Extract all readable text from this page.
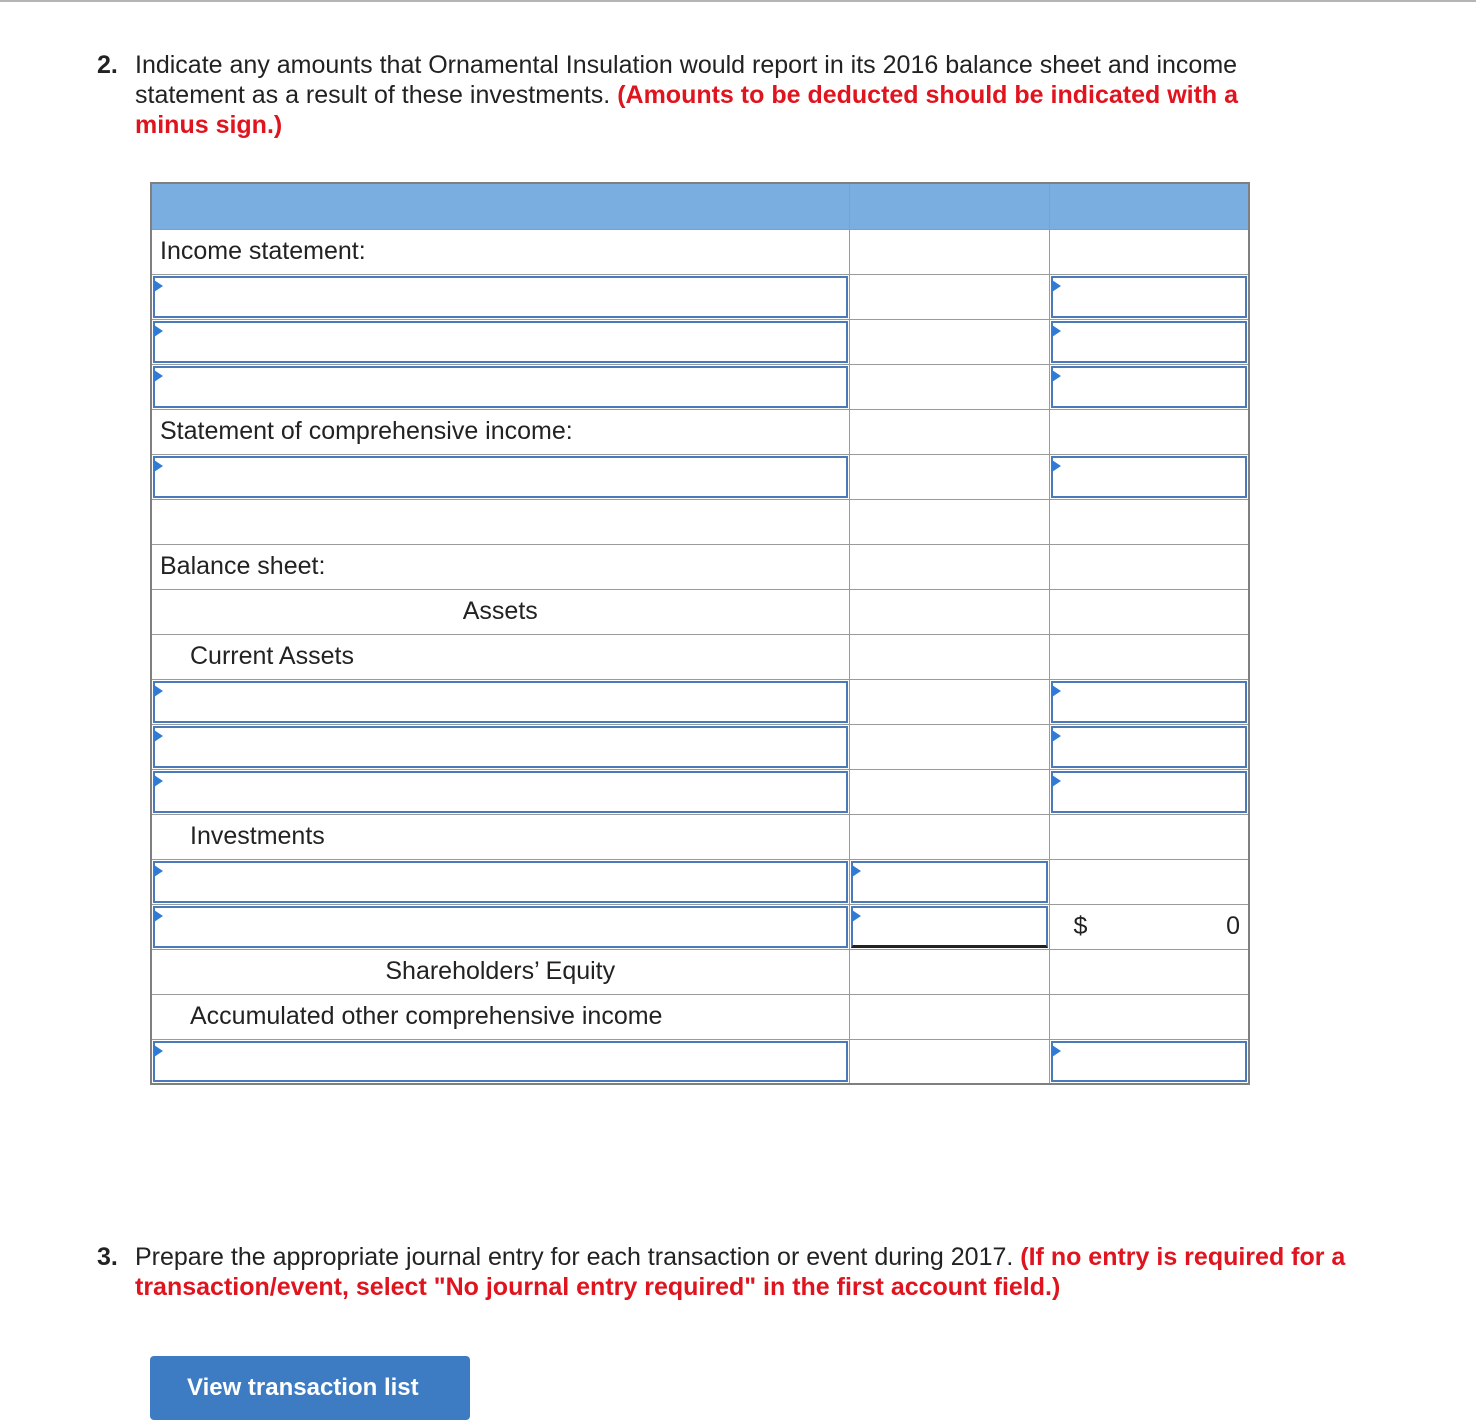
2. Indicate any amounts that Ornamental Insulation would report in its 2016 balance sheet and income statement as a result of these investments. (Amounts to be deducted should be indicated with a minus sign.)

Income statement:		

Statement of comprehensive income:		

Balance sheet:		

Assets		

Current Assets		

Investments		

		$ 0

Shareholders’ Equity		

Accumulated other comprehensive income		

3. Prepare the appropriate journal entry for each transaction or event during 2017. (If no entry is required for a transaction/event, select "No journal entry required" in the first account field.)
View transaction list
